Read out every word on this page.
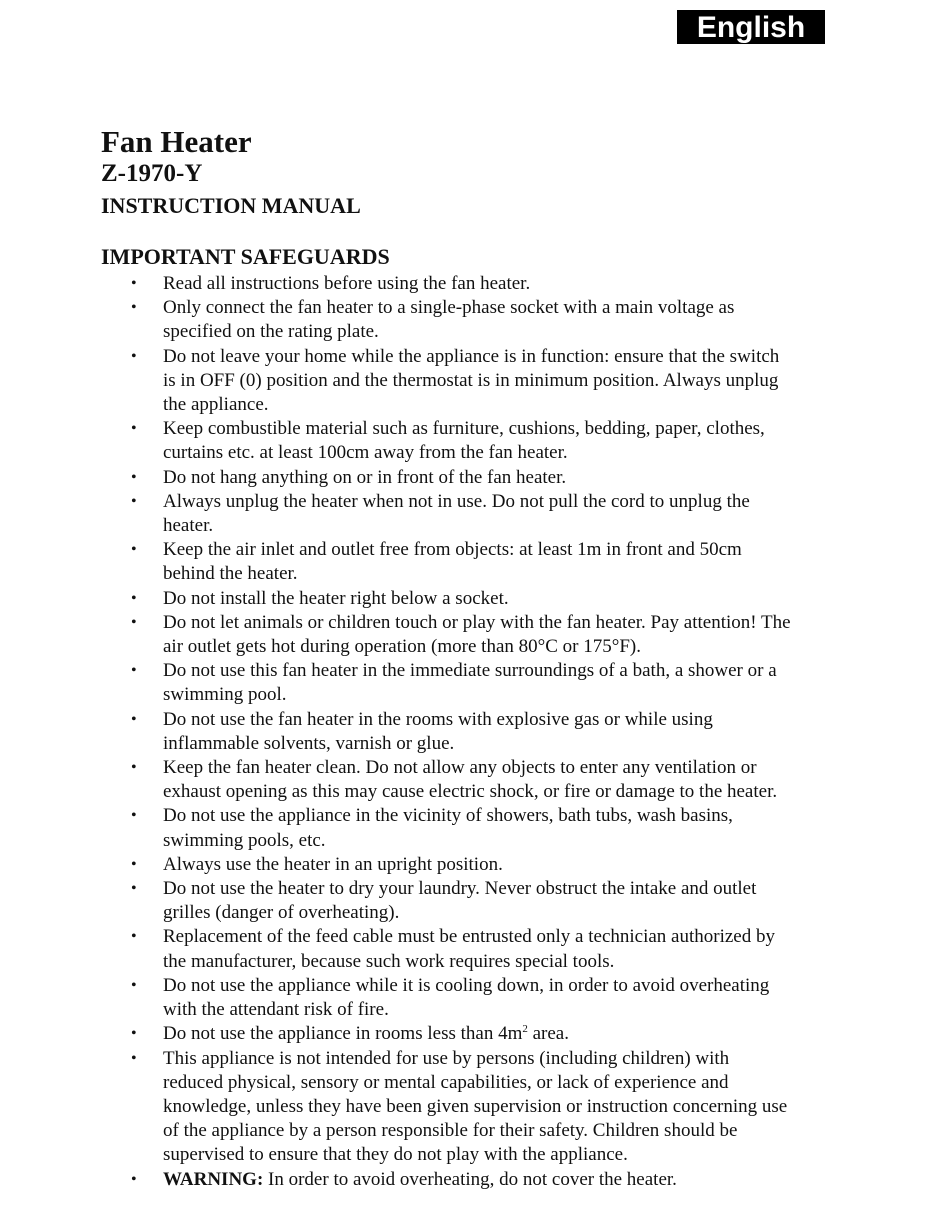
English
Fan Heater
Z-1970-Y
INSTRUCTION MANUAL
IMPORTANT SAFEGUARDS
• Read all instructions before using the fan heater.
• Only connect the fan heater to a single-phase socket with a main voltage as
specified on the rating plate.
• Do not leave your home while the appliance is in function: ensure that the switch
is in OFF (0) position and the thermostat is in minimum position. Always unplug
the appliance.
• Keep combustible material such as furniture, cushions, bedding, paper, clothes,
curtains etc. at least 100cm away from the fan heater.
• Do not hang anything on or in front of the fan heater.
• Always unplug the heater when not in use. Do not pull the cord to unplug the
heater.
• Keep the air inlet and outlet free from objects: at least 1m in front and 50cm
behind the heater.
• Do not install the heater right below a socket.
• Do not let animals or children touch or play with the fan heater. Pay attention! The
air outlet gets hot during operation (more than 80°C or 175°F).
• Do not use this fan heater in the immediate surroundings of a bath, a shower or a
swimming pool.
• Do not use the fan heater in the rooms with explosive gas or while using
inflammable solvents, varnish or glue.
• Keep the fan heater clean. Do not allow any objects to enter any ventilation or
exhaust opening as this may cause electric shock, or fire or damage to the heater.
• Do not use the appliance in the vicinity of showers, bath tubs, wash basins,
swimming pools, etc.
• Always use the heater in an upright position.
• Do not use the heater to dry your laundry. Never obstruct the intake and outlet
grilles (danger of overheating).
• Replacement of the feed cable must be entrusted only a technician authorized by
the manufacturer, because such work requires special tools.
• Do not use the appliance while it is cooling down, in order to avoid overheating
with the attendant risk of fire.
• Do not use the appliance in rooms less than $4m^2$ area.
• This appliance is not intended for use by persons (including children) with
reduced physical, sensory or mental capabilities, or lack of experience and
knowledge, unless they have been given supervision or instruction concerning use
of the appliance by a person responsible for their safety. Children should be
supervised to ensure that they do not play with the appliance.
• WARNING: In order to avoid overheating, do not cover the heater.
